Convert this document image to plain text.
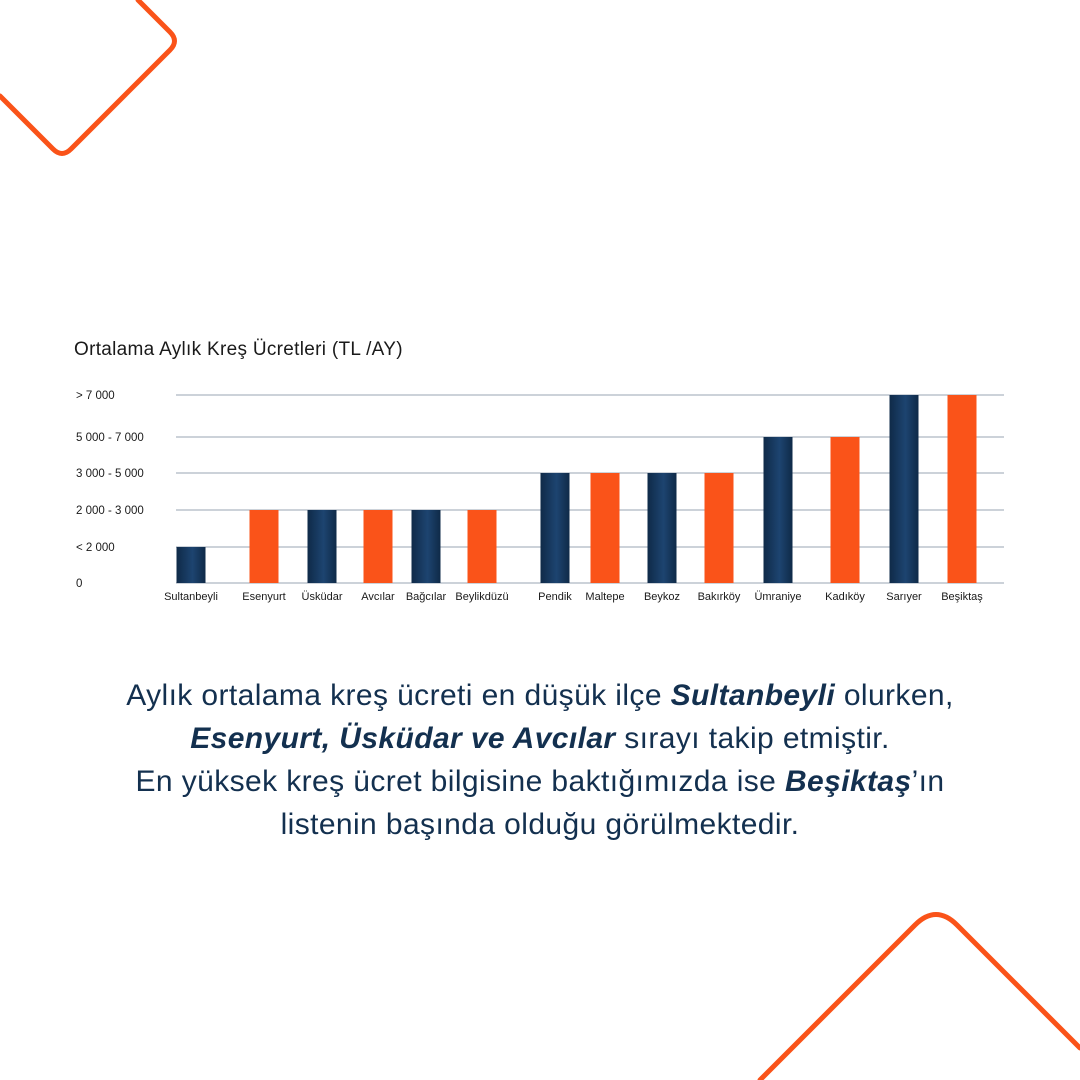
Ortalama Aylık Kreş Ücretleri (TL /AY)
0
< 2 000
2 000 - 3 000
3 000 - 5 000
5 000 - 7 000
> 7 000
Sultanbeyli Esenyurt Üsküdar Avcılar Bağcılar Beylikdüzü	Pendik Maltepe Beykoz Bakırköy Ümraniye Kadıköy Sarıyer Beşiktaş
Aylık ortalama kreş ücreti en düşük ilçe Sultanbeyli olurken,
Esenyurt, Üsküdar ve Avcılar sırayı takip etmiştir.
En yüksek kreş ücret bilgisine baktığımızda ise Beşiktaş’ın
listenin başında olduğu görülmektedir.
